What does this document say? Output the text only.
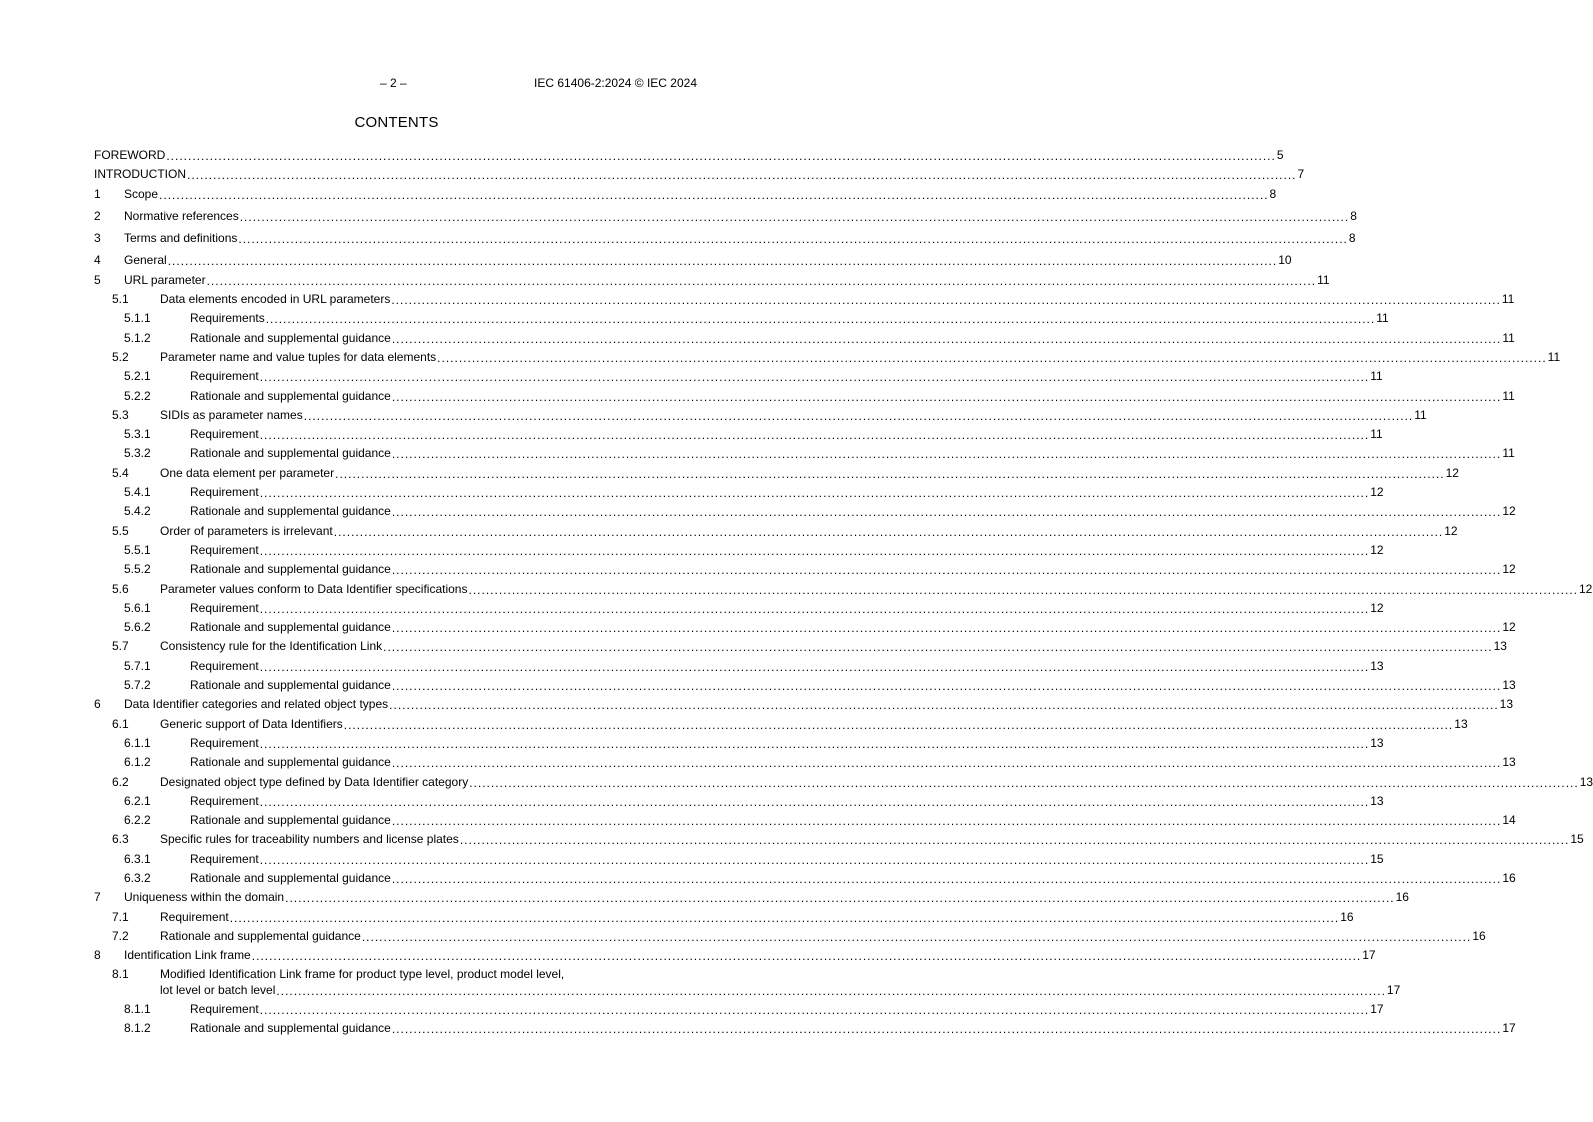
– 2 –	IEC 61406-2:2024 © IEC 2024
CONTENTS
FOREWORD .....	5
INTRODUCTION .....	7
1	Scope .....	8
2	Normative references .....	8
3	Terms and definitions .....	8
4	General .....	10
5	URL parameter .....	11
5.1	Data elements encoded in URL parameters .....	11
5.1.1	Requirements .....	11
5.1.2	Rationale and supplemental guidance .....	11
5.2	Parameter name and value tuples for data elements .....	11
5.2.1	Requirement .....	11
5.2.2	Rationale and supplemental guidance .....	11
5.3	SIDIs as parameter names .....	11
5.3.1	Requirement .....	11
5.3.2	Rationale and supplemental guidance .....	11
5.4	One data element per parameter .....	12
5.4.1	Requirement .....	12
5.4.2	Rationale and supplemental guidance .....	12
5.5	Order of parameters is irrelevant .....	12
5.5.1	Requirement .....	12
5.5.2	Rationale and supplemental guidance .....	12
5.6	Parameter values conform to Data Identifier specifications .....	12
5.6.1	Requirement .....	12
5.6.2	Rationale and supplemental guidance .....	12
5.7	Consistency rule for the Identification Link .....	13
5.7.1	Requirement .....	13
5.7.2	Rationale and supplemental guidance .....	13
6	Data Identifier categories and related object types .....	13
6.1	Generic support of Data Identifiers .....	13
6.1.1	Requirement .....	13
6.1.2	Rationale and supplemental guidance .....	13
6.2	Designated object type defined by Data Identifier category .....	13
6.2.1	Requirement .....	13
6.2.2	Rationale and supplemental guidance .....	14
6.3	Specific rules for traceability numbers and license plates .....	15
6.3.1	Requirement .....	15
6.3.2	Rationale and supplemental guidance .....	16
7	Uniqueness within the domain .....	16
7.1	Requirement .....	16
7.2	Rationale and supplemental guidance .....	16
8	Identification Link frame .....	17
8.1	Modified Identification Link frame for product type level, product model level,
lot level or batch level .....	17
8.1.1	Requirement .....	17
8.1.2	Rationale and supplemental guidance .....	17
